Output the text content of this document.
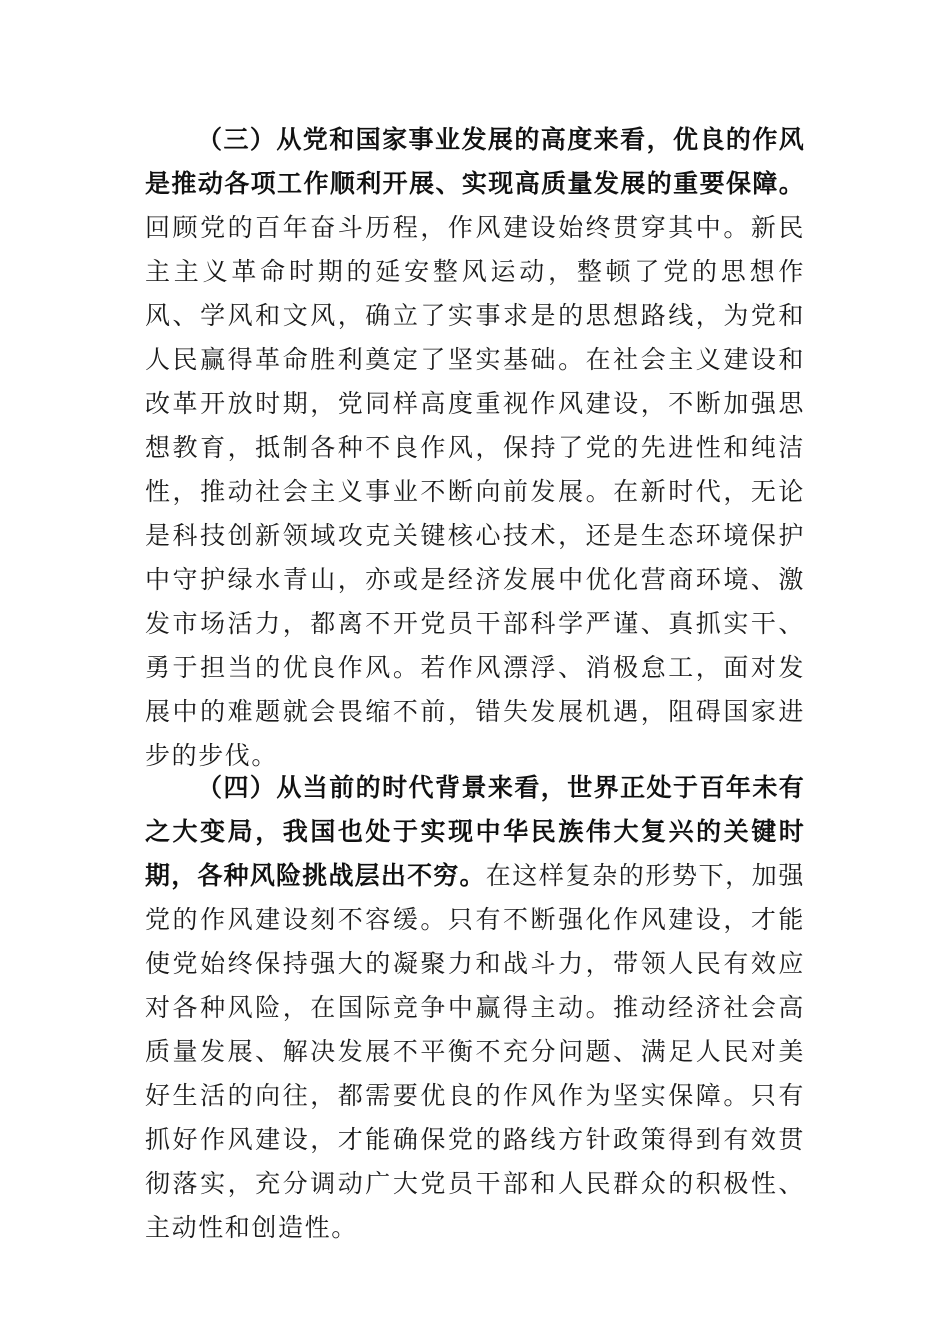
（三）从党和国家事业发展的高度来看，优良的作风是推动各项工作顺利开展、实现高质量发展的重要保障。回顾党的百年奋斗历程，作风建设始终贯穿其中。新民主主义革命时期的延安整风运动，整顿了党的思想作风、学风和文风，确立了实事求是的思想路线，为党和人民赢得革命胜利奠定了坚实基础。在社会主义建设和改革开放时期，党同样高度重视作风建设，不断加强思想教育，抵制各种不良作风，保持了党的先进性和纯洁性，推动社会主义事业不断向前发展。在新时代，无论是科技创新领域攻克关键核心技术，还是生态环境保护中守护绿水青山，亦或是经济发展中优化营商环境、激发市场活力，都离不开党员干部科学严谨、真抓实干、勇于担当的优良作风。若作风漂浮、消极怠工，面对发展中的难题就会畏缩不前，错失发展机遇，阻碍国家进步的步伐。

（四）从当前的时代背景来看，世界正处于百年未有之大变局，我国也处于实现中华民族伟大复兴的关键时期，各种风险挑战层出不穷。在这样复杂的形势下，加强党的作风建设刻不容缓。只有不断强化作风建设，才能使党始终保持强大的凝聚力和战斗力，带领人民有效应对各种风险，在国际竞争中赢得主动。推动经济社会高质量发展、解决发展不平衡不充分问题、满足人民对美好生活的向往，都需要优良的作风作为坚实保障。只有抓好作风建设，才能确保党的路线方针政策得到有效贯彻落实，充分调动广大党员干部和人民群众的积极性、主动性和创造性。
